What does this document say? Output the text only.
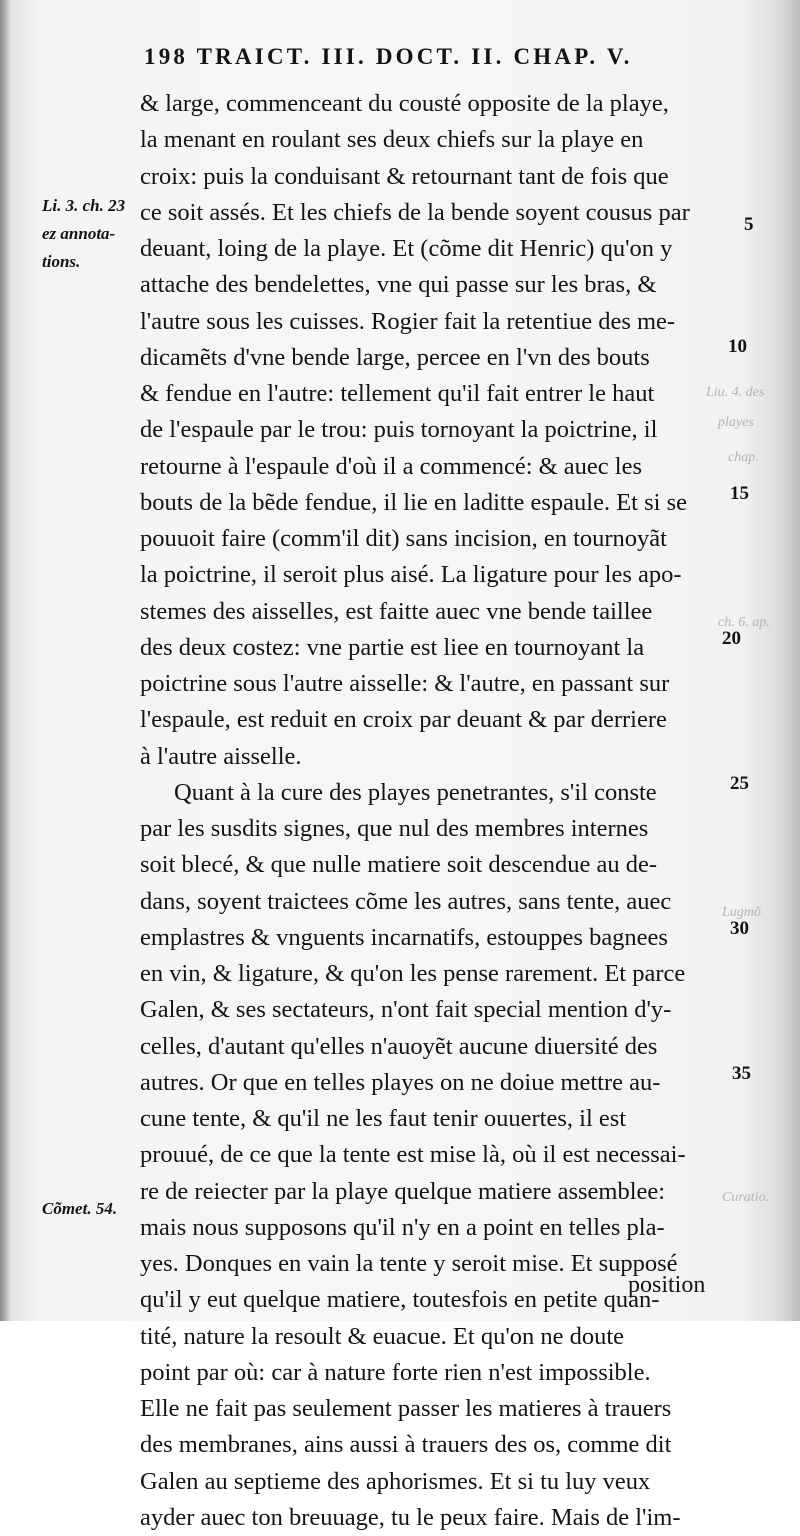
198 TRAICT. III. DOCT. II. CHAP. V.
& large, commenceant du cousté opposite de la playe,
la menant en roulant ses deux chiefs sur la playe en
croix: puis la conduisant & retournant tant de fois que
ce soit assés. Et les chiefs de la bende soyent cousus par
deuant, loing de la playe. Et (cõme dit Henric) qu'on y
attache des bendelettes, vne qui passe sur les bras, &
l'autre sous les cuisses. Rogier fait la retentiue des me-
dicamẽts d'vne bende large, percee en l'vn des bouts
& fendue en l'autre: tellement qu'il fait entrer le haut
de l'espaule par le trou: puis tornoyant la poictrine, il
retourne à l'espaule d'où il a commencé: & auec les
bouts de la bẽde fendue, il lie en laditte espaule. Et si se
pouuoit faire (comm'il dit) sans incision, en tournoyãt
la poictrine, il seroit plus aisé. La ligature pour les apo-
stemes des aisselles, est faitte auec vne bende taillee
des deux costez: vne partie est liee en tournoyant la
poictrine sous l'autre aisselle: & l'autre, en passant sur
l'espaule, est reduit en croix par deuant & par derriere
à l'autre aisselle.
Quant à la cure des playes penetrantes, s'il conste
par les susdits signes, que nul des membres internes
soit blecé, & que nulle matiere soit descendue au de-
dans, soyent traictees cõme les autres, sans tente, auec
emplastres & vnguents incarnatifs, estouppes bagnees
en vin, & ligature, & qu'on les pense rarement. Et parce
Galen, & ses sectateurs, n'ont fait special mention d'y-
celles, d'autant qu'elles n'auoyẽt aucune diuersité des
autres. Or que en telles playes on ne doiue mettre au-
cune tente, & qu'il ne les faut tenir ouuertes, il est
prouué, de ce que la tente est mise là, où il est necessai-
re de reiecter par la playe quelque matiere assemblee:
mais nous supposons qu'il n'y en a point en telles pla-
yes. Donques en vain la tente y seroit mise. Et supposé
qu'il y eut quelque matiere, toutesfois en petite quan-
tité, nature la resoult & euacue. Et qu'on ne doute
point par où: car à nature forte rien n'est impossible.
Elle ne fait pas seulement passer les matieres à trauers
des membranes, ains aussi à trauers des os, comme dit
Galen au septieme des aphorismes. Et si tu luy veux
ayder auec ton breuuage, tu le peux faire. Mais de l'im-
position
5
10
15
20
25
30
35
Li. 3. ch. 23
ez annota-
tions.
Cõmet. 54.
Liu. 4. des
playes
chap.
ch. 6. ap.
Lugmõ
Curatio.
